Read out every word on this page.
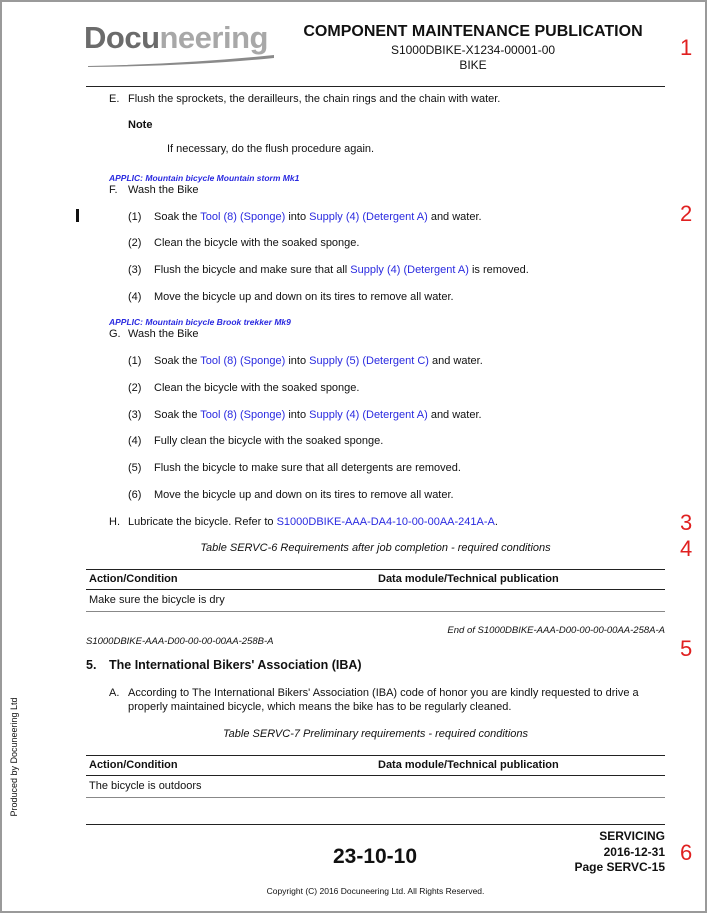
Docuneering	COMPONENT MAINTENANCE PUBLICATION
S1000DBIKE-X1234-00001-00
BIKE
1
2
3
4
5
6
E. Flush the sprockets, the derailleurs, the chain rings and the chain with water.
Note
If necessary, do the flush procedure again.
APPLIC: Mountain bicycle Mountain storm Mk1
F. Wash the Bike
(1) Soak the Tool (8) (Sponge) into Supply (4) (Detergent A) and water.
(2) Clean the bicycle with the soaked sponge.
(3) Flush the bicycle and make sure that all Supply (4) (Detergent A) is removed.
(4) Move the bicycle up and down on its tires to remove all water.
APPLIC: Mountain bicycle Brook trekker Mk9
G. Wash the Bike
(1) Soak the Tool (8) (Sponge) into Supply (5) (Detergent C) and water.
(2) Clean the bicycle with the soaked sponge.
(3) Soak the Tool (8) (Sponge) into Supply (4) (Detergent A) and water.
(4) Fully clean the bicycle with the soaked sponge.
(5) Flush the bicycle to make sure that all detergents are removed.
(6) Move the bicycle up and down on its tires to remove all water.
H. Lubricate the bicycle. Refer to S1000DBIKE-AAA-DA4-10-00-00AA-241A-A.
Table SERVC-6 Requirements after job completion - required conditions
Action/Condition	Data module/Technical publication
Make sure the bicycle is dry
End of S1000DBIKE-AAA-D00-00-00-00AA-258A-A
S1000DBIKE-AAA-D00-00-00-00AA-258B-A
5. The International Bikers' Association (IBA)
A. According to The International Bikers' Association (IBA) code of honor you are kindly requested to drive a
properly maintained bicycle, which means the bike has to be regularly cleaned.
Table SERVC-7 Preliminary requirements - required conditions
Action/Condition	Data module/Technical publication
The bicycle is outdoors
Produced by Docuneering Ltd
23-10-10
SERVICING
2016-12-31
Page SERVC-15
Copyright (C) 2016 Docuneering Ltd. All Rights Reserved.
